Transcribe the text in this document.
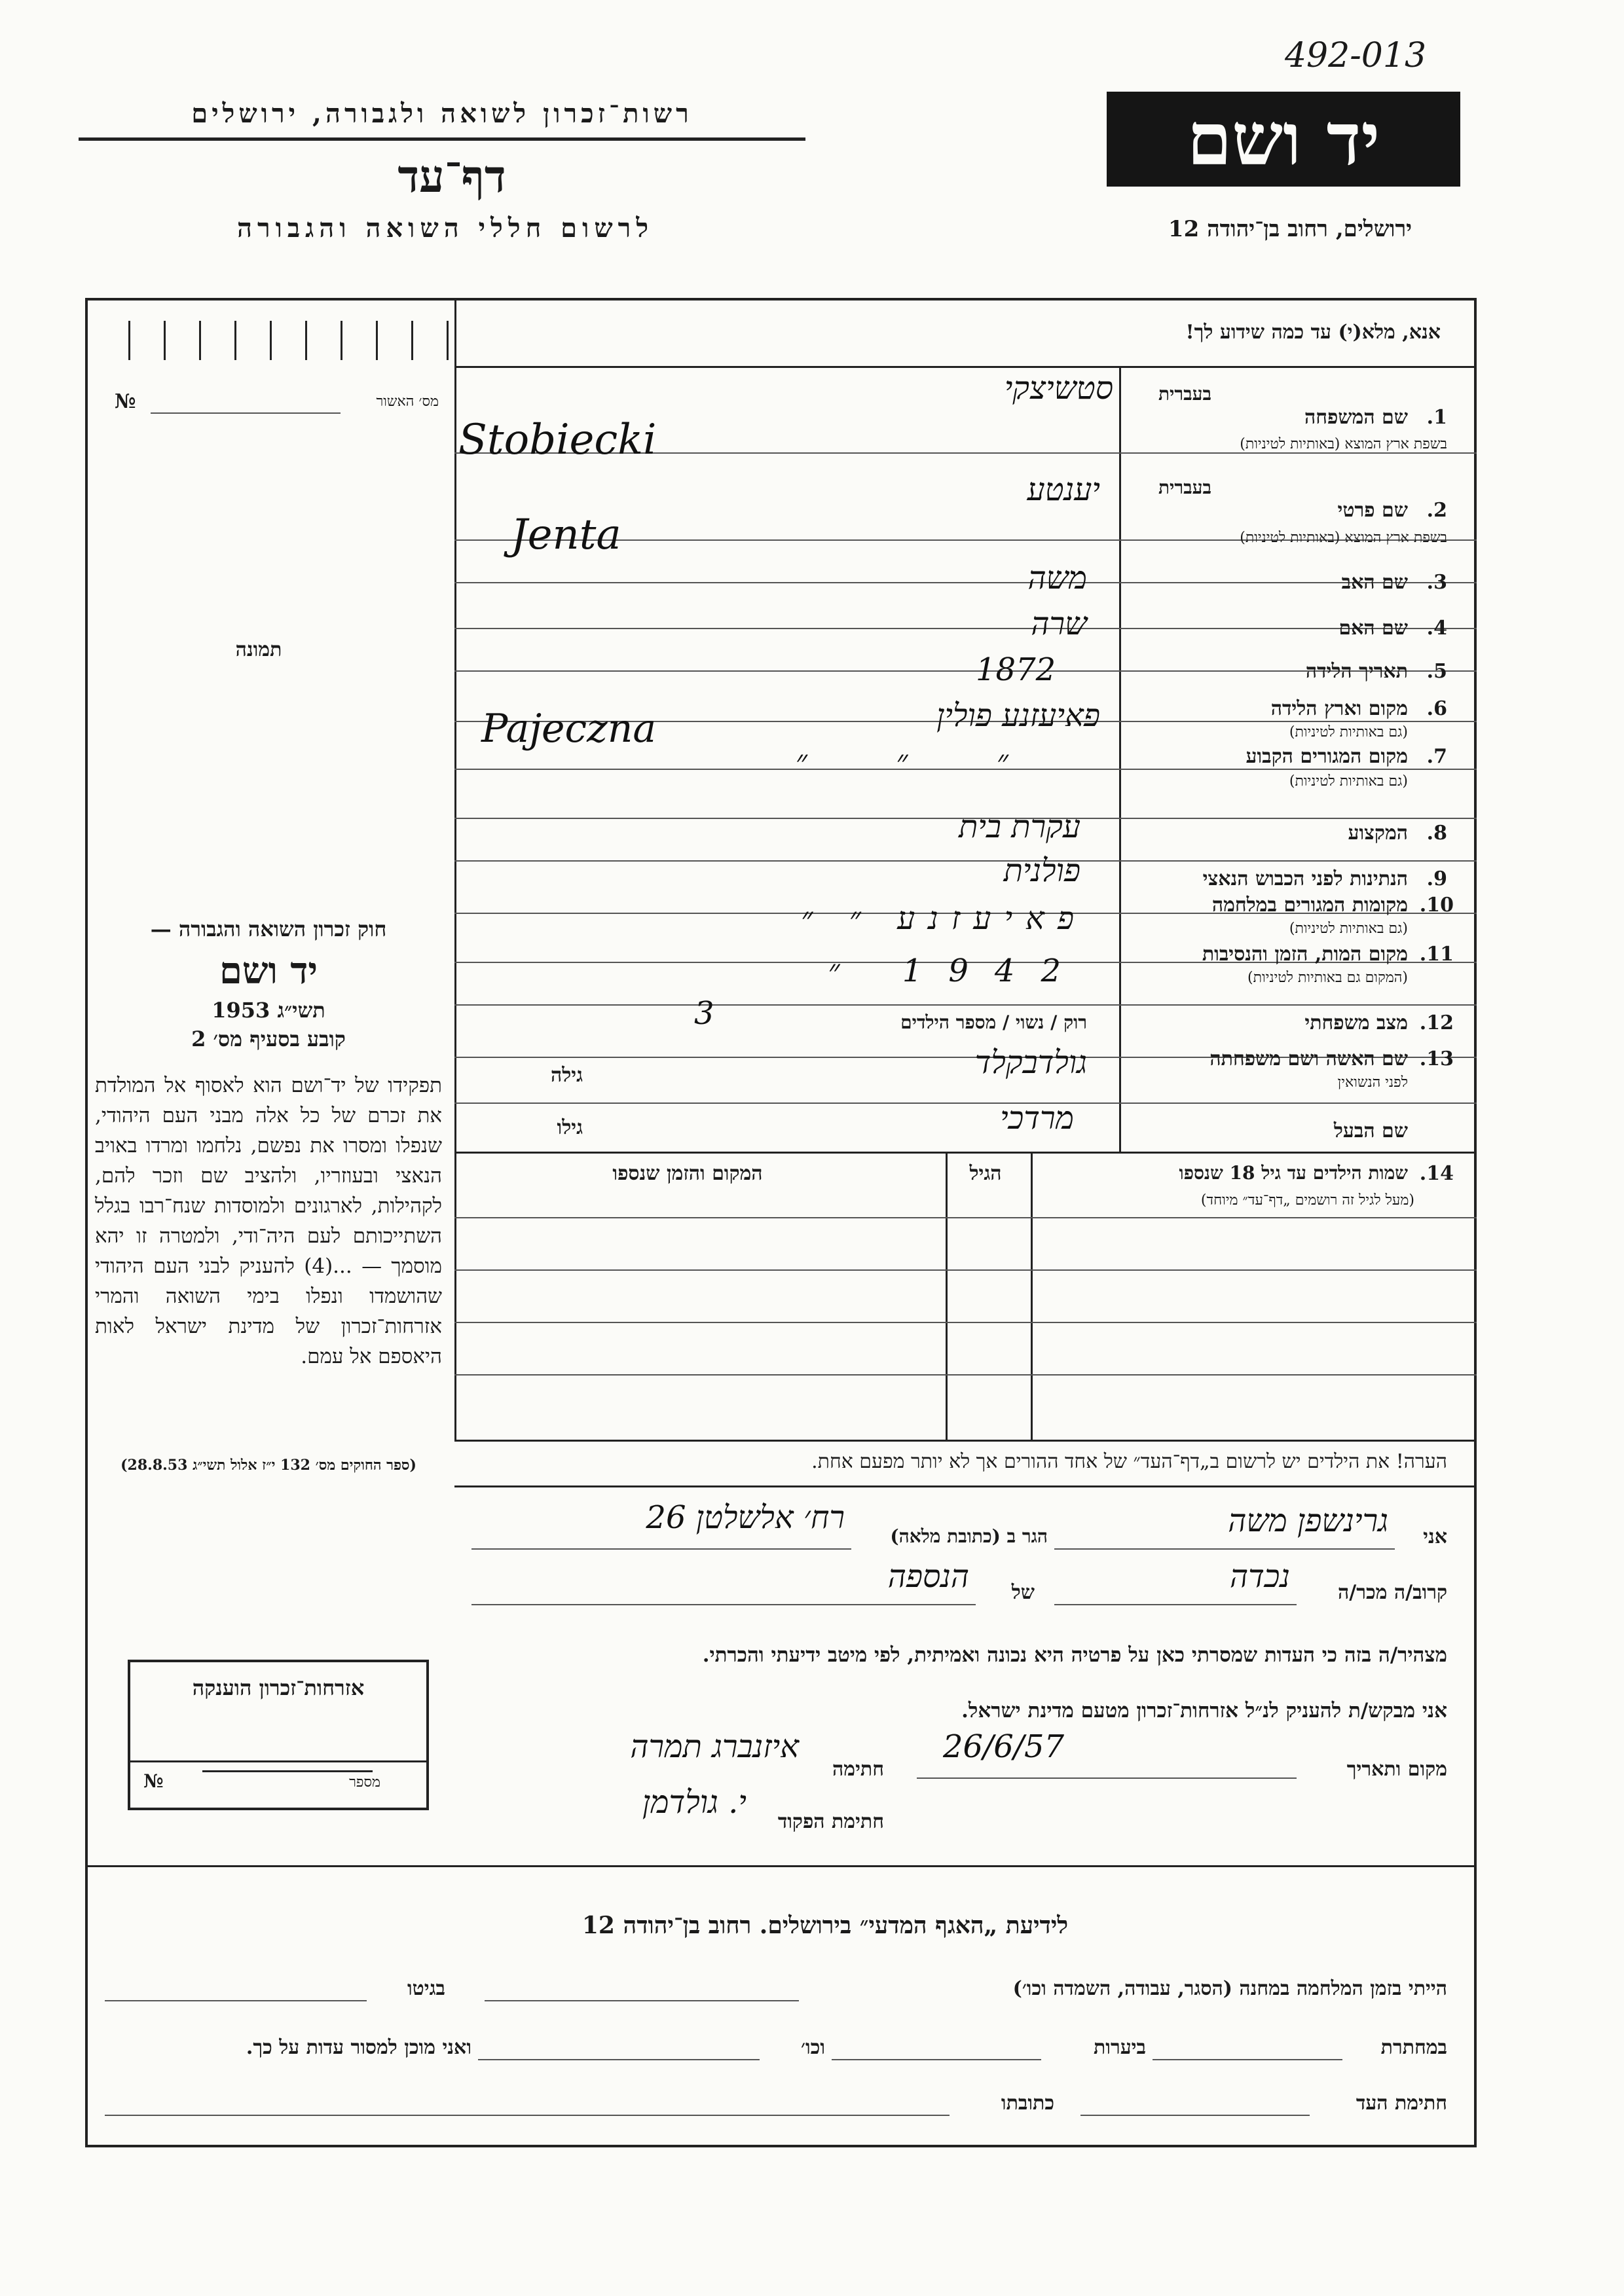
492-013
רשות־זכרון לשואה ולגבורה, ירושלים
דף־עד
לרשום חללי השואה והגבורה
יד ושם
ירושלים, רחוב בן־יהודה 12
מס׳ האשור
№
תמונה
אנא, מלא(י) עד כמה שידוע לך!
בעברית
1.
שם המשפחה
בשפת ארץ המוצא (באותיות לטיניות)
סטשיצקי
Stobiecki
בעברית
2.
שם פרטי
בשפת ארץ המוצא (באותיות לטיניות)
יענטע
Jenta
3.
שם האב
משה
4.
שם האם
שרה
5.
תאריך הלידה
1872
6.
מקום וארץ הלידה
(גם באותיות לטיניות)
פאיעזנע פולין
Pajeczna
7.
מקום המגורים הקבוע
(גם באותיות לטיניות)
״ ״ ״
8.
המקצוע
עקרת בית
9.
הנתינות לפני הכבוש הנאצי
פולנית
10.
מקומות המגורים במלחמה
(גם באותיות לטיניות)
פאיעזנע ״ ״
11.
מקום המות, הזמן והנסיבות
(המקום גם באותיות לטיניות)
1942 ״
12.
מצב משפחתי
רוק / נשוי / מספר הילדים
3
13.
שם האשה ושם משפחתה
לפני הנשואין
גולדבקלד
גילה
שם הבעל
מרדכי
גילו
14.
שמות הילדים עד גיל 18 שנספו
(מעל לגיל זה רושמים „דף־עד״ מיוחד)
הגיל
המקום והזמן שנספו
חוק זכרון השואה והגבורה —
יד ושם
תשי״ג 1953
קובע בסעיף מס׳ 2
תפקידו של יד־ושם הוא לאסוף אל המולדת את זכרם של כל אלה מבני העם היהודי, שנפלו ומסרו את נפשם, נלחמו ומרדו באויב הנאצי ובעוזריו, ולהציב שם וזכר להם, לקהילות, לארגונים ולמוסדות שנח־רבו בגלל השתייכותם לעם היה־ודי, ולמטרה זו יהא מוסמך — ...(4) להעניק לבני העם היהודי שהושמדו ונפלו בימי השואה והמרי אזרחות־זכרון של מדינת ישראל לאות היאספם אל עמם.
(ספר החוקים מס׳ 132 י״ז אלול תשי״ג 28.8.53)	הערה! את הילדים יש לרשום ב„דף־העד״ של אחד ההורים אך לא יותר מפעם אחת.
אני
גרינשפן משה
הגר ב (כתובת מלאה)
רח׳ אלשלטן 26
קרוב/ה מכר/ה
נכדה
של
הנספה
מצהיר/ה בזה כי העדות שמסרתי כאן על פרטיה היא נכונה ואמיתית, לפי מיטב ידיעתי והכרתי.
אני מבקש/ת להעניק לנ״ל אזרחות־זכרון מטעם מדינת ישראל.
מקום ותאריך
26/6/57
חתימה
איזנברג תמרה
חתימת הפקוד
י. גולדמן
אזרחות־זכרון הוענקה
מספר
№
לידיעת „האגף המדעי״ בירושלים. רחוב בן־יהודה 12
הייתי בזמן המלחמה במחנה (הסגר, עבודה, השמדה וכו׳)
בגיטו
במחתרת
ביערות
וכו׳
ואני מוכן למסור עדות על כך.
חתימת העד
כתובתו
